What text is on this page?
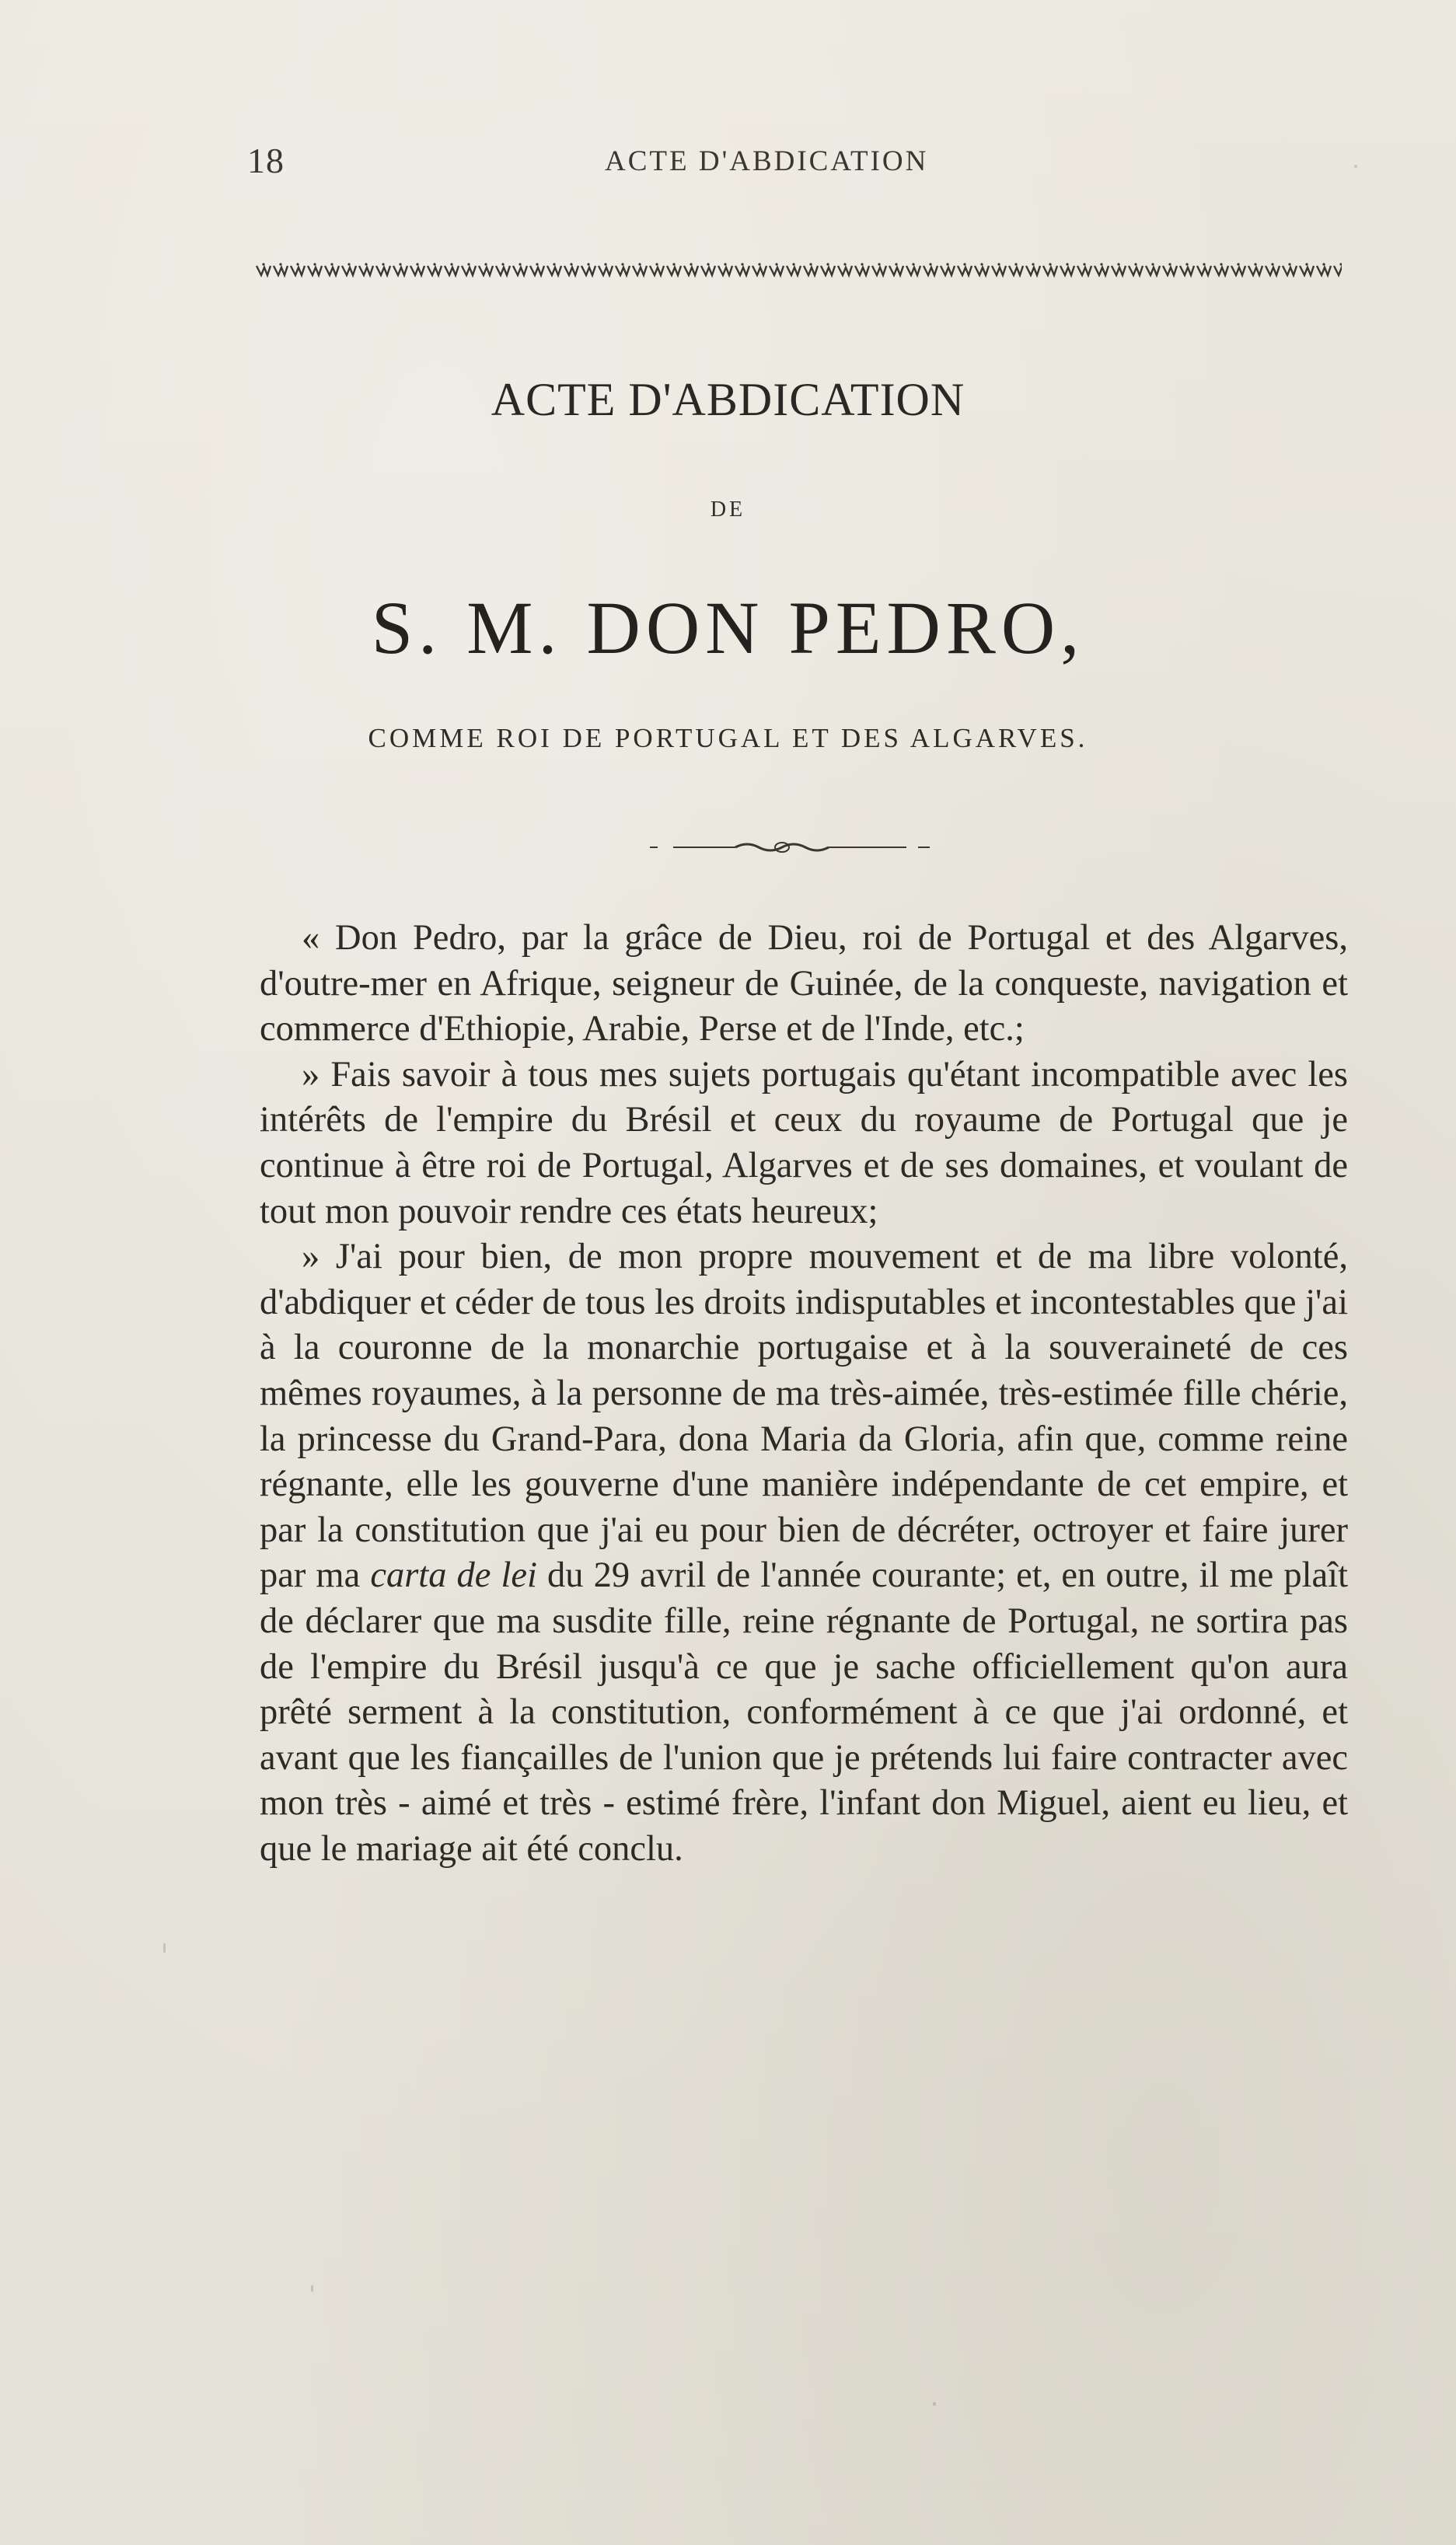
18	ACTE D'ABDICATION
ACTE D'ABDICATION
DE
S. M. DON PEDRO,
COMME ROI DE PORTUGAL ET DES ALGARVES.

« Don Pedro, par la grâce de Dieu, roi de Portugal et des Algarves, d'outre-mer en Afrique, seigneur de Guinée, de la conqueste, navigation et commerce d'Ethiopie, Arabie, Perse et de l'Inde, etc.;

» Fais savoir à tous mes sujets portugais qu'étant incompatible avec les intérêts de l'empire du Brésil et ceux du royaume de Portugal que je continue à être roi de Portugal, Algarves et de ses domaines, et voulant de tout mon pouvoir rendre ces états heureux;

» J'ai pour bien, de mon propre mouvement et de ma libre volonté, d'abdiquer et céder de tous les droits indisputables et incontestables que j'ai à la couronne de la monarchie portugaise et à la souveraineté de ces mêmes royaumes, à la personne de ma très-aimée, très-estimée fille chérie, la princesse du Grand-Para, dona Maria da Gloria, afin que, comme reine régnante, elle les gouverne d'une manière indépendante de cet empire, et par la constitution que j'ai eu pour bien de décréter, octroyer et faire jurer par ma carta de lei du 29 avril de l'année courante; et, en outre, il me plaît de déclarer que ma susdite fille, reine régnante de Portugal, ne sortira pas de l'empire du Brésil jusqu'à ce que je sache officiellement qu'on aura prêté serment à la constitution, conformément à ce que j'ai ordonné, et avant que les fiançailles de l'union que je prétends lui faire contracter avec mon très - aimé et très - estimé frère, l'infant don Miguel, aient eu lieu, et que le mariage ait été conclu.
